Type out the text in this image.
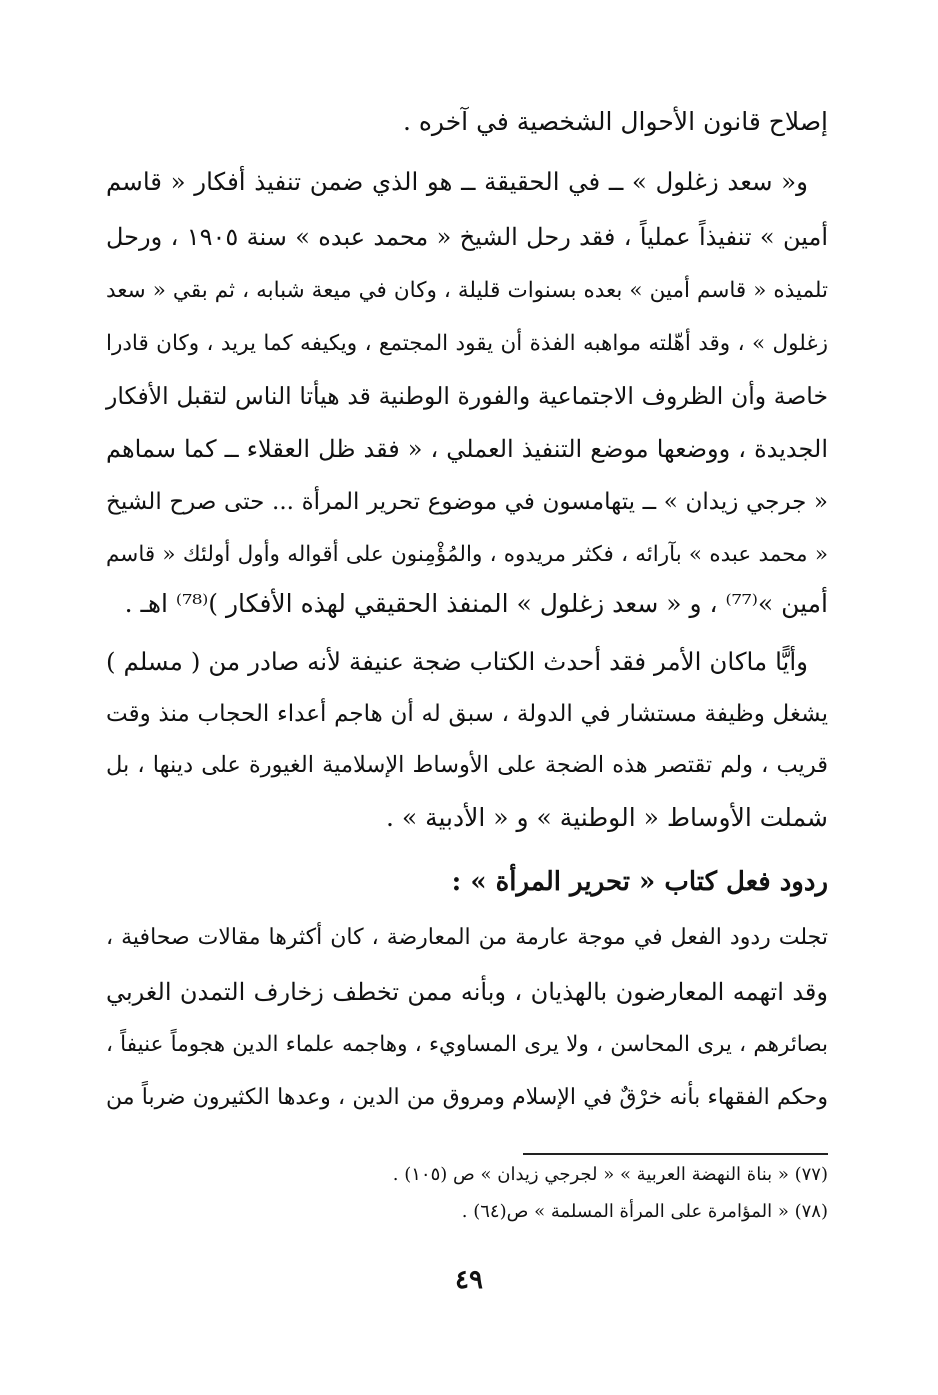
إصلاح قانون الأحوال الشخصية في آخره .
و« سعد زغلول » ــ في الحقيقة ــ هو الذي ضمن تنفيذ أفكار « قاسم
أمين » تنفيذاً عملياً ، فقد رحل الشيخ « محمد عبده » سنة ١٩٠٥ ، ورحل
تلميذه « قاسم أمين » بعده بسنوات قليلة ، وكان في ميعة شبابه ، ثم بقي « سعد
زغلول » ، وقد أهّلته مواهبه الفذة أن يقود المجتمع ، ويكيفه كما يريد ، وكان قادرا
خاصة وأن الظروف الاجتماعية والفورة الوطنية قد هيأتا الناس لتقبل الأفكار
الجديدة ، ووضعها موضع التنفيذ العملي ، « فقد ظل العقلاء ــ كما سماهم
« جرجي زيدان » ــ يتهامسون في موضوع تحرير المرأة ... حتى صرح الشيخ
« محمد عبده » بآرائه ، فكثر مريدوه ، والمُؤْمِنون على أقواله وأول أولئك « قاسم
أمين »⁽⁷⁷⁾ ، و « سعد زغلول » المنفذ الحقيقي لهذه الأفكار )⁽⁷⁸⁾ اهـ .
وأيًّا ماكان الأمر فقد أحدث الكتاب ضجة عنيفة لأنه صادر من ( مسلم )
يشغل وظيفة مستشار في الدولة ، سبق له أن هاجم أعداء الحجاب منذ وقت
قريب ، ولم تقتصر هذه الضجة على الأوساط الإسلامية الغيورة على دينها ، بل
شملت الأوساط « الوطنية » و « الأدبية » .
ردود فعل كتاب « تحرير المرأة » :
تجلت ردود الفعل في موجة عارمة من المعارضة ، كان أكثرها مقالات صحافية ،
وقد اتهمه المعارضون بالهذيان ، وبأنه ممن تخطف زخارف التمدن الغربي
بصائرهم ، يرى المحاسن ، ولا يرى المساويء ، وهاجمه علماء الدين هجوماً عنيفاً ،
وحكم الفقهاء بأنه خرْقٌ في الإسلام ومروق من الدين ، وعدها الكثيرون ضرباً من
(٧٧) « بناة النهضة العربية » « لجرجي زيدان » ص (١٠٥) .
(٧٨) « المؤامرة على المرأة المسلمة » ص(٦٤) .
٤٩
